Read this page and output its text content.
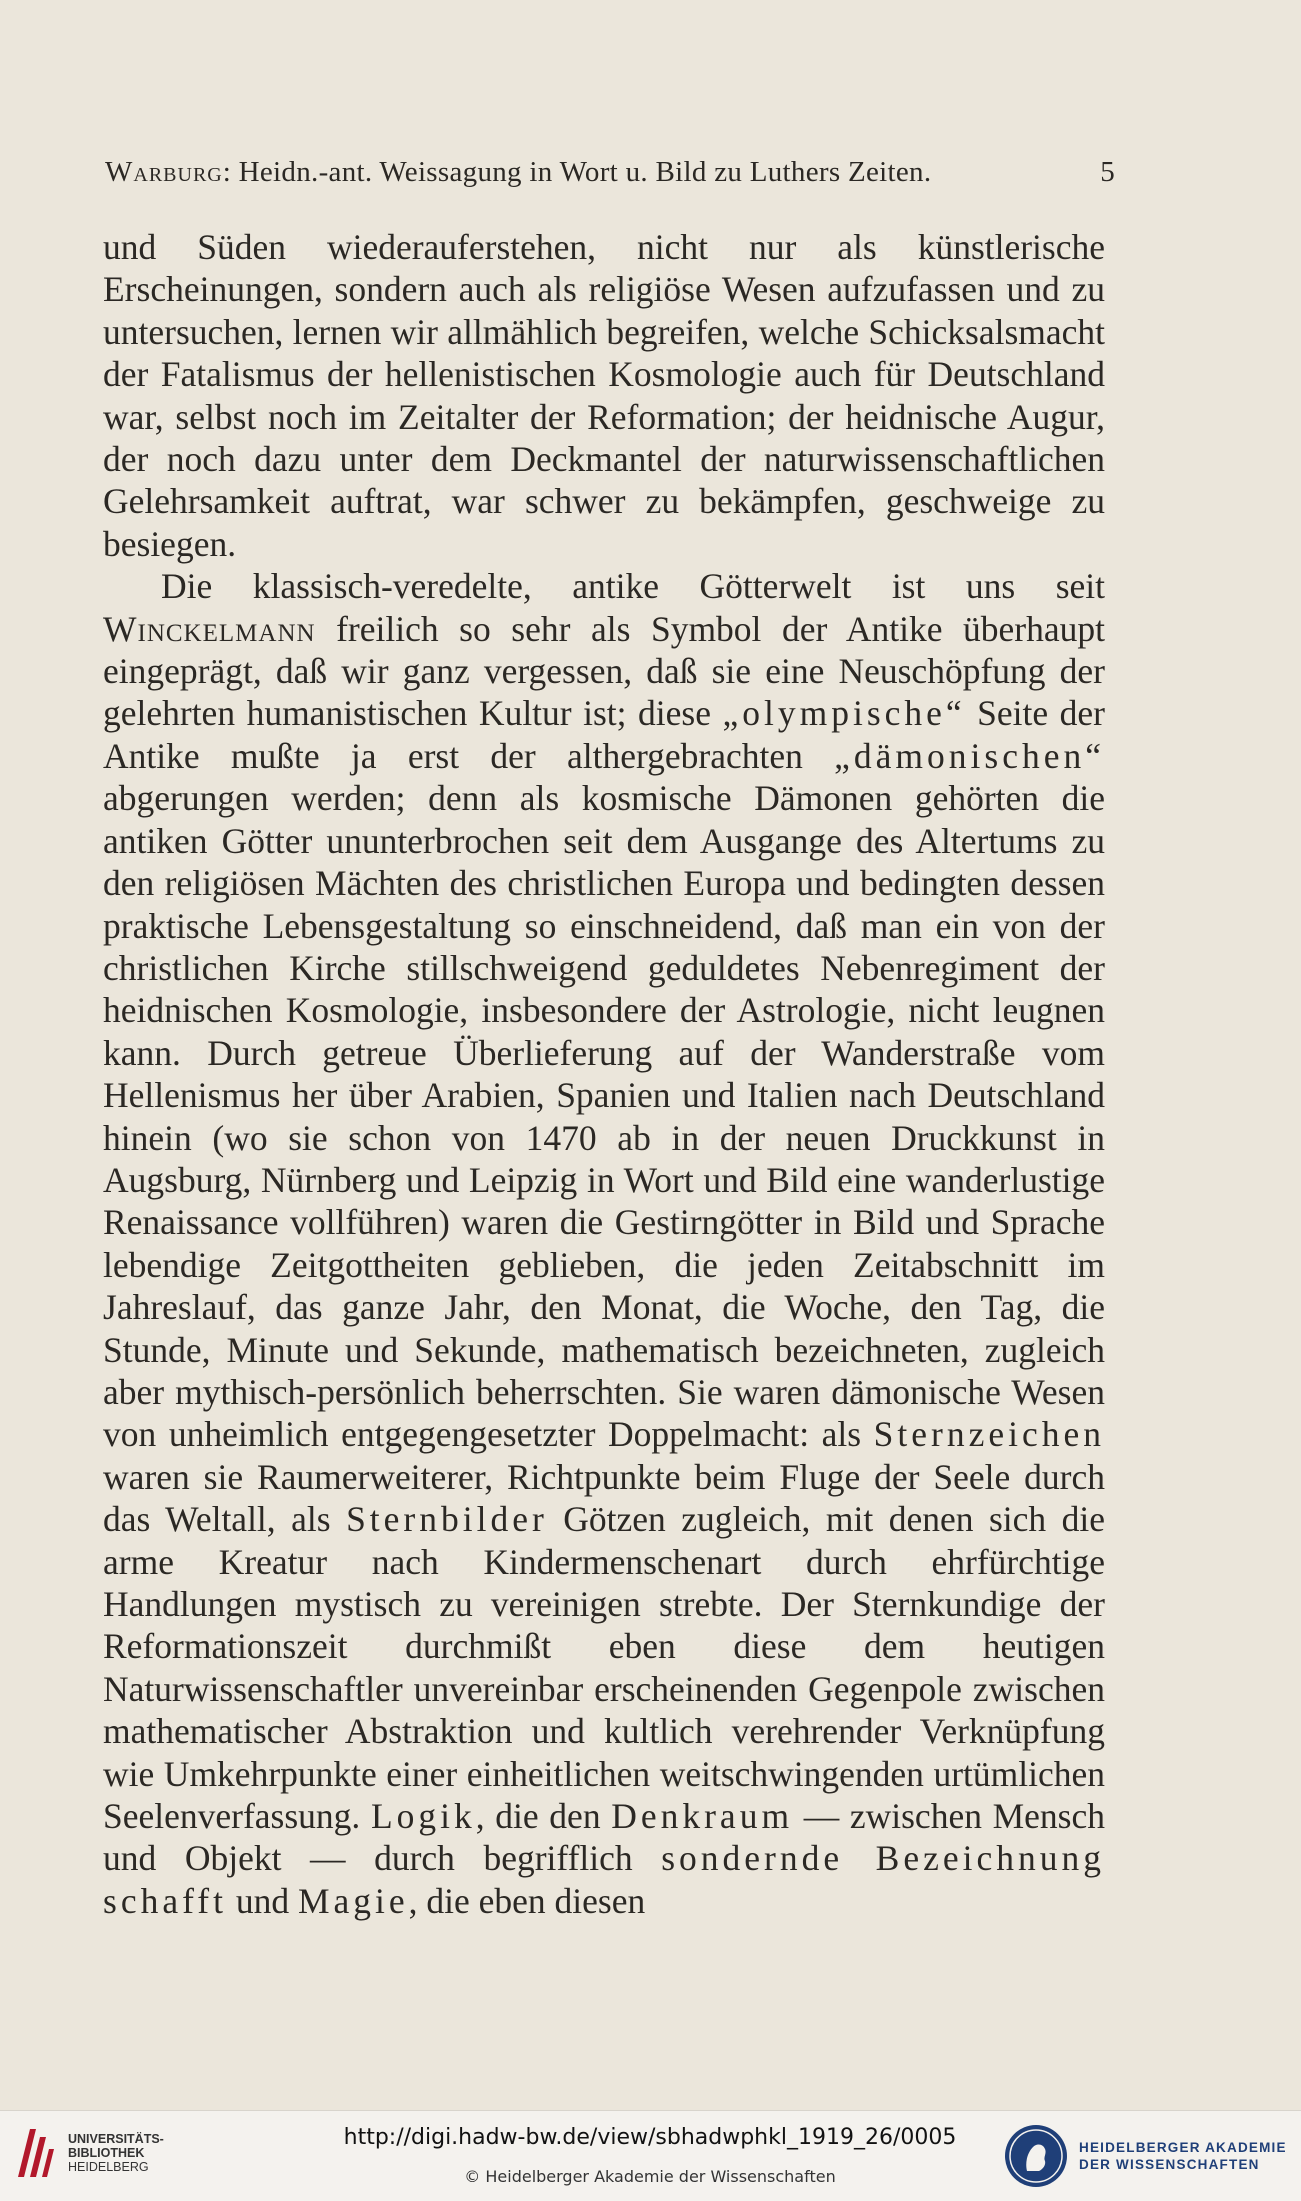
Warburg: Heidn.-ant. Weissagung in Wort u. Bild zu Luthers Zeiten.	5

und Süden wiederauferstehen, nicht nur als künstlerische Erscheinungen, sondern auch als religiöse Wesen aufzufassen und zu untersuchen, lernen wir allmählich begreifen, welche Schicksalsmacht der Fatalismus der hellenistischen Kosmologie auch für Deutschland war, selbst noch im Zeitalter der Reformation; der heidnische Augur, der noch dazu unter dem Deckmantel der naturwissenschaftlichen Gelehrsamkeit auftrat, war schwer zu bekämpfen, geschweige zu besiegen.

Die klassisch-veredelte, antike Götterwelt ist uns seit Winckelmann freilich so sehr als Symbol der Antike überhaupt eingeprägt, daß wir ganz vergessen, daß sie eine Neuschöpfung der gelehrten humanistischen Kultur ist; diese „olympische“ Seite der Antike mußte ja erst der althergebrachten „dämonischen“ abgerungen werden; denn als kosmische Dämonen gehörten die antiken Götter ununterbrochen seit dem Ausgange des Altertums zu den religiösen Mächten des christlichen Europa und bedingten dessen praktische Lebensgestaltung so einschneidend, daß man ein von der christlichen Kirche stillschweigend geduldetes Nebenregiment der heidnischen Kosmologie, insbesondere der Astrologie, nicht leugnen kann. Durch getreue Überlieferung auf der Wanderstraße vom Hellenismus her über Arabien, Spanien und Italien nach Deutschland hinein (wo sie schon von 1470 ab in der neuen Druckkunst in Augsburg, Nürnberg und Leipzig in Wort und Bild eine wanderlustige Renaissance vollführen) waren die Gestirngötter in Bild und Sprache lebendige Zeitgottheiten geblieben, die jeden Zeitabschnitt im Jahreslauf, das ganze Jahr, den Monat, die Woche, den Tag, die Stunde, Minute und Sekunde, mathematisch bezeichneten, zugleich aber mythisch-persönlich beherrschten. Sie waren dämonische Wesen von unheimlich entgegengesetzter Doppelmacht: als Sternzeichen waren sie Raumerweiterer, Richtpunkte beim Fluge der Seele durch das Weltall, als Sternbilder Götzen zugleich, mit denen sich die arme Kreatur nach Kindermenschenart durch ehrfürchtige Handlungen mystisch zu vereinigen strebte. Der Sternkundige der Reformationszeit durchmißt eben diese dem heutigen Naturwissenschaftler unvereinbar erscheinenden Gegenpole zwischen mathematischer Abstraktion und kultlich verehrender Verknüpfung wie Umkehrpunkte einer einheitlichen weitschwingenden urtümlichen Seelenverfassung. Logik, die den Denkraum — zwischen Mensch und Objekt — durch begrifflich sondernde Bezeichnung schafft und Magie, die eben diesen

UNIVERSITÄTS-
BIBLIOTHEK
HEIDELBERG
http://digi.hadw-bw.de/view/sbhadwphkl_1919_26/0005
© Heidelberger Akademie der Wissenschaften
HEIDELBERGER AKADEMIE
DER WISSENSCHAFTEN
